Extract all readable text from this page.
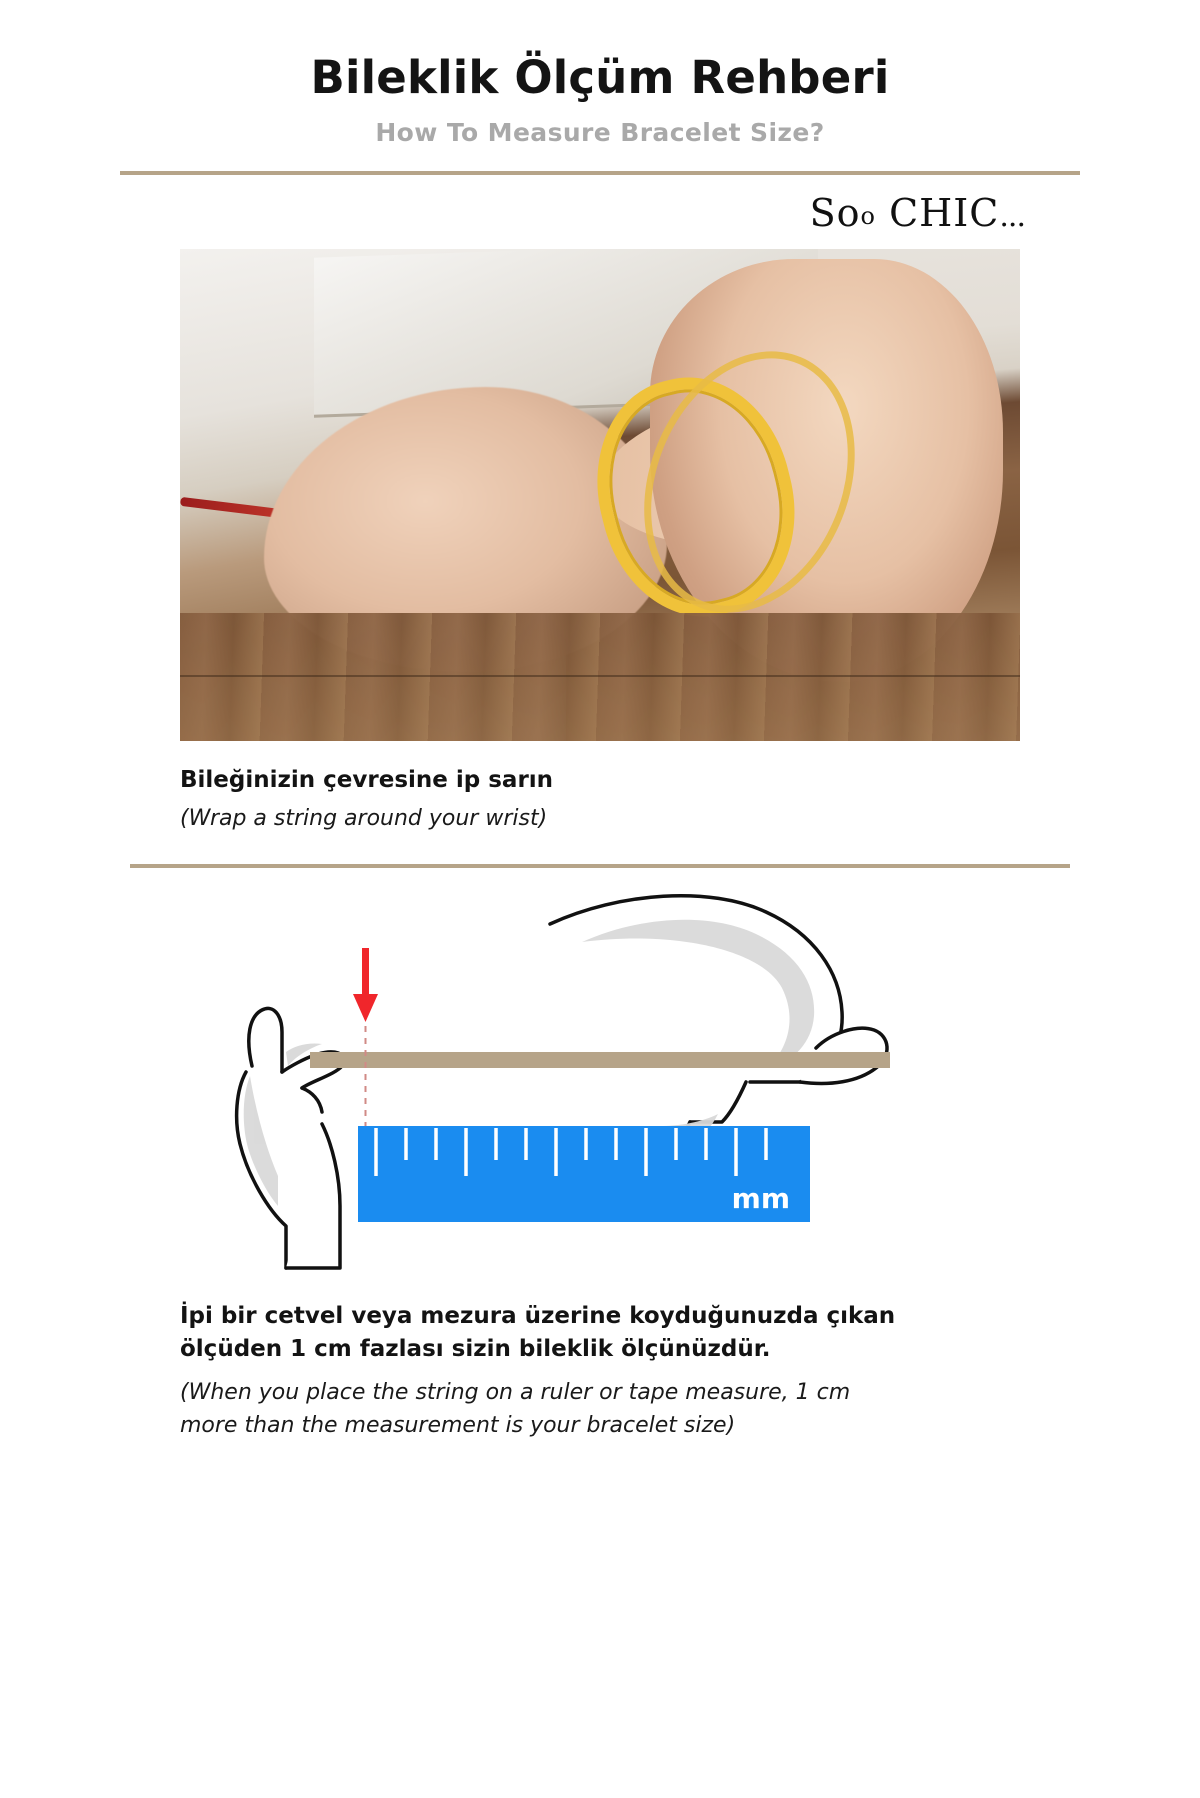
Bileklik Ölçüm Rehberi
How To Measure Bracelet Size?
Soo CHIC...
Bileğinizin çevresine ip sarın
(Wrap a string around your wrist)
mm
İpi bir cetvel veya mezura üzerine koyduğunuzda çıkan
ölçüden 1 cm fazlası sizin bileklik ölçünüzdür.
(When you place the string on a ruler or tape measure, 1 cm
more than the measurement is your bracelet size)
